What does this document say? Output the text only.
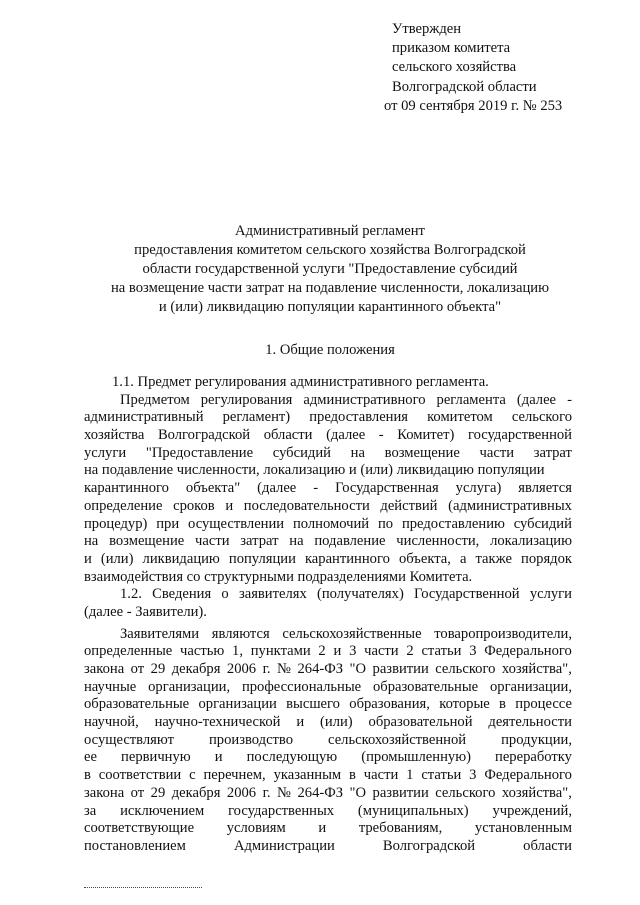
Утвержден
приказом комитета
сельского хозяйства
Волгоградской области
от 09 сентября 2019 г. № 253
Административный регламент
предоставления комитетом сельского хозяйства Волгоградской
области государственной услуги "Предоставление субсидий
на возмещение части затрат на подавление численности, локализацию
и (или) ликвидацию популяции карантинного объекта"
1. Общие положения
1.1. Предмет регулирования административного регламента.
Предметом регулирования административного регламента (далее -
административный регламент) предоставления комитетом сельского
хозяйства Волгоградской области (далее - Комитет) государственной
услуги "Предоставление субсидий на возмещение части затрат
на подавление численности, локализацию и (или) ликвидацию популяции
карантинного объекта" (далее - Государственная услуга) является
определение сроков и последовательности действий (административных
процедур) при осуществлении полномочий по предоставлению субсидий
на возмещение части затрат на подавление численности, локализацию
и (или) ликвидацию популяции карантинного объекта, а также порядок
взаимодействия со структурными подразделениями Комитета.
1.2. Сведения о заявителях (получателях) Государственной услуги
(далее - Заявители).
Заявителями являются сельскохозяйственные товаропроизводители,
определенные частью 1, пунктами 2 и 3 части 2 статьи 3 Федерального
закона от 29 декабря 2006 г. № 264-ФЗ "О развитии сельского хозяйства",
научные организации, профессиональные образовательные организации,
образовательные организации высшего образования, которые в процессе
научной, научно-технической и (или) образовательной деятельности
осуществляют производство сельскохозяйственной продукции,
ее первичную и последующую (промышленную) переработку
в соответствии с перечнем, указанным в части 1 статьи 3 Федерального
закона от 29 декабря 2006 г. № 264-ФЗ "О развитии сельского хозяйства",
за исключением государственных (муниципальных) учреждений,
соответствующие условиям и требованиям, установленным
постановлением	Администрации	Волгоградской	области
